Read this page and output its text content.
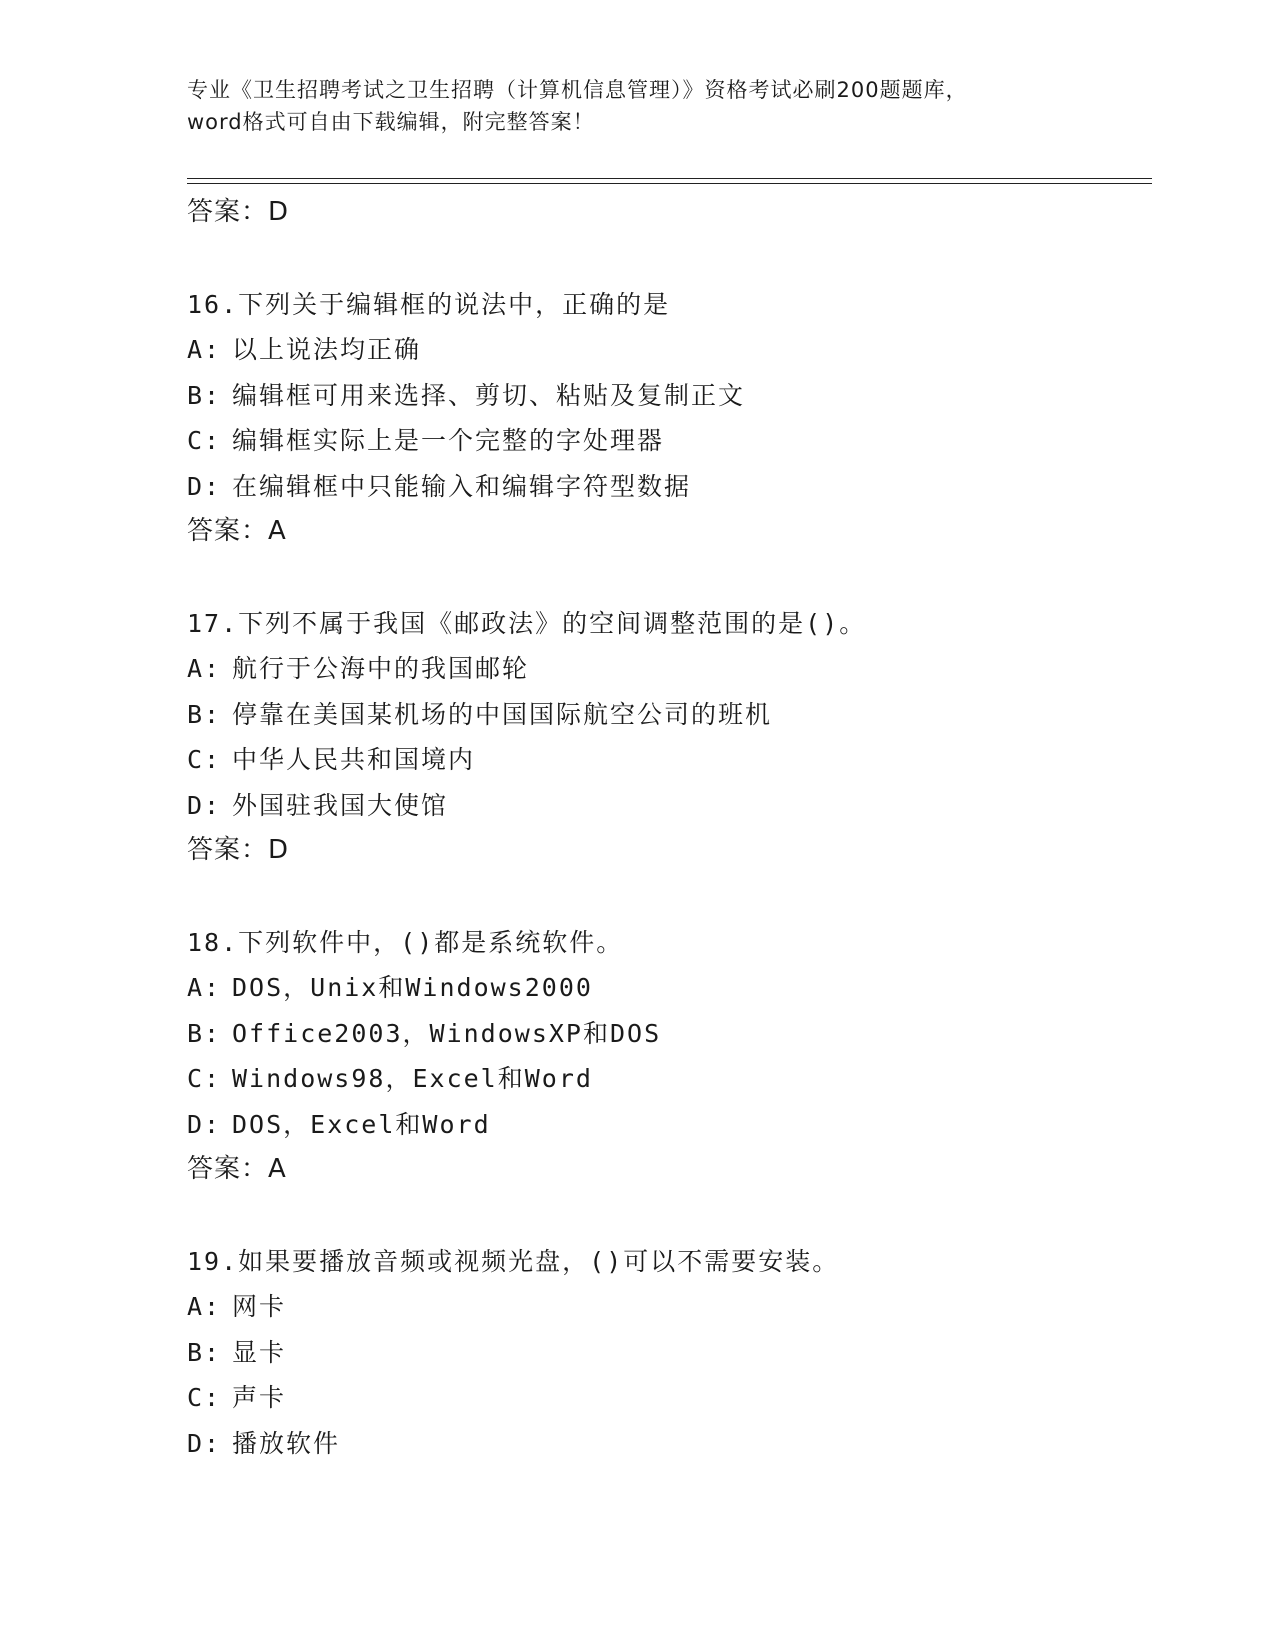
专业《卫生招聘考试之卫生招聘（计算机信息管理）》资格考试必刷200题题库，
word格式可自由下载编辑，附完整答案！
答案：D
16.下列关于编辑框的说法中，正确的是
A: 以上说法均正确
B: 编辑框可用来选择、剪切、粘贴及复制正文
C: 编辑框实际上是一个完整的字处理器
D: 在编辑框中只能输入和编辑字符型数据
答案：A
17.下列不属于我国《邮政法》的空间调整范围的是()。
A: 航行于公海中的我国邮轮
B: 停靠在美国某机场的中国国际航空公司的班机
C: 中华人民共和国境内
D: 外国驻我国大使馆
答案：D
18.下列软件中，()都是系统软件。
A: DOS，Unix和Windows2000
B: Office2003，WindowsXP和DOS
C: Windows98，Excel和Word
D: DOS，Excel和Word
答案：A
19.如果要播放音频或视频光盘，()可以不需要安装。
A: 网卡
B: 显卡
C: 声卡
D: 播放软件
